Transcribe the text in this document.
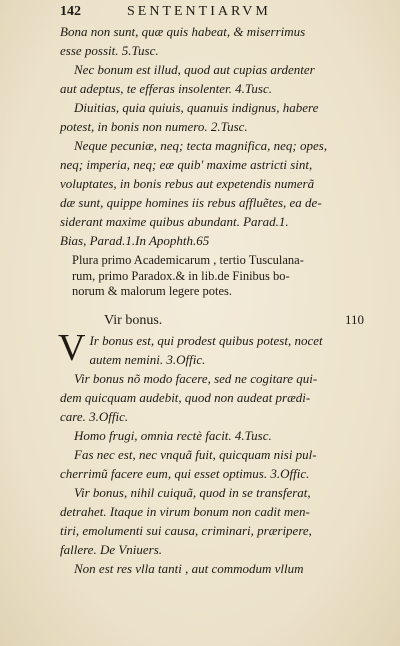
142	SENTENTIARVM

Bona non sunt, quæ quis habeat, & miserrimus

esse possit. 5.Tusc.

Nec bonum est illud, quod aut cupias ardenter

aut adeptus, te efferas insolenter. 4.Tusc.

Diuitias, quia quiuis, quanuis indignus, habere

potest, in bonis non numero. 2.Tusc.

Neque pecuniæ, neq; tecta magnifica, neq; opes,

neq; imperia, neq; eæ quib' maxime astricti sint,

voluptates, in bonis rebus aut expetendis numerã

dæ sunt, quippe homines iis rebus affluẽtes, ea de-

siderant maxime quibus abundant. Parad.1.

Bias, Parad.1.In Apophth.65

Plura primo Academicarum , tertio Tusculana-

rum, primo Paradox.& in lib.de Finibus bo-

norum & malorum legere potes.

Vir bonus.	110
V Ir bonus est, qui prodest quibus potest, nocet

autem nemini. 3.Offic.

Vir bonus nõ modo facere, sed ne cogitare qui-

dem quicquam audebit, quod non audeat prædi-

care. 3.Offic.

Homo frugi, omnia rectè facit. 4.Tusc.

Fas nec est, nec vnquã fuit, quicquam nisi pul-

cherrimũ facere eum, qui esset optimus. 3.Offic.

Vir bonus, nihil cuiquã, quod in se transferat,

detrahet. Itaque in virum bonum non cadit men-

tiri, emolumenti sui causa, criminari, præripere,

fallere. De Vniuers.

Non est res vlla tanti , aut commodum vllum
